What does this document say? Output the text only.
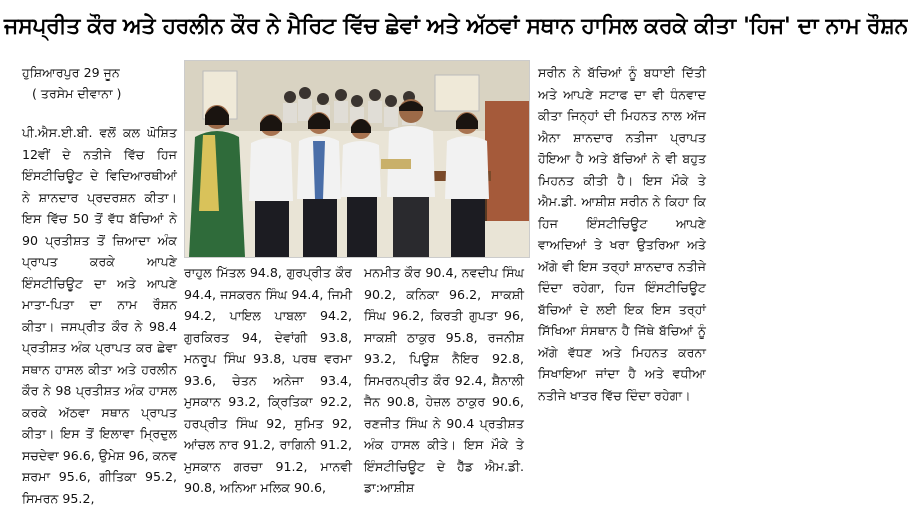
ਜਸਪ੍ਰੀਤ ਕੌਰ ਅਤੇ ਹਰਲੀਨ ਕੌਰ ਨੇ ਮੈਰਿਟ ਵਿੱਚ ਛੇਵਾਂ ਅਤੇ ਅੱਠਵਾਂ ਸਥਾਨ ਹਾਸਿਲ ਕਰਕੇ ਕੀਤਾ 'ਹਿਜ' ਦਾ ਨਾਮ ਰੌਸ਼ਨ

ਹੁਸ਼ਿਆਰਪੁਰ 29 ਜੂਨ

( ਤਰਸੇਮ ਦੀਵਾਨਾ )

ਪੀ.ਐਸ.ਈ.ਬੀ. ਵਲੋਂ ਕਲ ਘੋਸ਼ਿਤ 12ਵੀਂ ਦੇ ਨਤੀਜੇ ਵਿੱਚ ਹਿਜ ਇੰਸਟੀਚਿਊਟ ਦੇ ਵਿਦਿਆਰਥੀਆਂ ਨੇ ਸ਼ਾਨਦਾਰ ਪ੍ਰਦਰਸ਼ਨ ਕੀਤਾ। ਇਸ ਵਿੱਚ 50 ਤੋਂ ਵੱਧ ਬੱਚਿਆਂ ਨੇ 90 ਪ੍ਰਤੀਸ਼ਤ ਤੋਂ ਜ਼ਿਆਦਾ ਅੰਕ ਪ੍ਰਾਪਤ ਕਰਕੇ ਆਪਣੇ ਇੰਸਟੀਚਿਊਟ ਦਾ ਅਤੇ ਆਪਣੇ ਮਾਤਾ-ਪਿਤਾ ਦਾ ਨਾਮ ਰੌਸ਼ਨ ਕੀਤਾ। ਜਸਪ੍ਰੀਤ ਕੌਰ ਨੇ 98.4 ਪ੍ਰਤੀਸ਼ਤ ਅੰਕ ਪ੍ਰਾਪਤ ਕਰ ਛੇਵਾ ਸਥਾਨ ਹਾਸਲ ਕੀਤਾ ਅਤੇ ਹਰਲੀਨ ਕੌਰ ਨੇ 98 ਪ੍ਰਤੀਸ਼ਤ ਅੰਕ ਹਾਸਲ ਕਰਕੇ ਅੱਠਵਾ ਸਥਾਨ ਪ੍ਰਾਪਤ ਕੀਤਾ। ਇਸ ਤੋਂ ਇਲਾਵਾ ਮ੍ਰਿਦੁਲ ਸਚਦੇਵਾ 96.6, ਉਮੇਸ਼ 96, ਕਨਵ ਸ਼ਰਮਾ 95.6, ਗੀਤਿਕਾ 95.2, ਸਿਮਰਨ 95.2,

ਰਾਹੁਲ ਮਿੱਤਲ 94.8, ਗੁਰਪ੍ਰੀਤ ਕੌਰ 94.4, ਜਸਕਰਨ ਸਿੰਘ 94.4, ਜਿਮੀ 94.2, ਪਾਇਲ ਪਾਬਲਾ 94.2, ਗੁਰਕਿਰਤ 94, ਦੇਵਾਂਗੀ 93.8, ਮਨਰੂਪ ਸਿੰਘ 93.8, ਪਰਥ ਵਰਮਾ 93.6, ਚੇਤਨ ਅਨੇਜਾ 93.4, ਮੁਸਕਾਨ 93.2, ਕ੍ਰਿਤਿਕਾ 92.2, ਹਰਪ੍ਰੀਤ ਸਿੰਘ 92, ਸੁਮਿਤ 92, ਆਂਚਲ ਨਾਰ 91.2, ਰਾਗਿਨੀ 91.2, ਮੁਸਕਾਨ ਗਰਚਾ 91.2, ਮਾਨਵੀ 90.8, ਅਨਿਆ ਮਲਿਕ 90.6,

ਮਨਮੀਤ ਕੌਰ 90.4, ਨਵਦੀਪ ਸਿੰਘ 90.2, ਕਨਿਕਾ 96.2, ਸਾਕਸ਼ੀ ਸਿੰਘ 96.2, ਕਿਰਤੀ ਗੁਪਤਾ 96, ਸਾਕਸ਼ੀ ਠਾਕੁਰ 95.8, ਰਜਨੀਸ਼ 93.2, ਪਿਊਸ਼ ਨੈਇਰ 92.8, ਸਿਮਰਨਪ੍ਰੀਤ ਕੌਰ 92.4, ਸ਼ੈਨਾਲੀ ਜੈਨ 90.8, ਹੇਜ਼ਲ ਠਾਕੁਰ 90.6, ਰਣਜੀਤ ਸਿੰਘ ਨੇ 90.4 ਪ੍ਰਤੀਸ਼ਤ ਅੰਕ ਹਾਸਲ ਕੀਤੇ। ਇਸ ਮੌਕੇ ਤੇ ਇੰਸਟੀਚਿਊਟ ਦੇ ਹੈੱਡ ਐਮ.ਡੀ. ਡਾ:ਆਸ਼ੀਸ਼

ਸਰੀਨ ਨੇ ਬੱਚਿਆਂ ਨੂੰ ਬਧਾਈ ਦਿੱਤੀ ਅਤੇ ਆਪਣੇ ਸਟਾਫ ਦਾ ਵੀ ਧੰਨਵਾਦ ਕੀਤਾ ਜਿਨ੍ਹਾਂ ਦੀ ਮਿਹਨਤ ਨਾਲ ਅੱਜ ਐਨਾ ਸ਼ਾਨਦਾਰ ਨਤੀਜਾ ਪ੍ਰਾਪਤ ਹੋਇਆ ਹੈ ਅਤੇ ਬੱਚਿਆਂ ਨੇ ਵੀ ਬਹੁਤ ਮਿਹਨਤ ਕੀਤੀ ਹੈ। ਇਸ ਮੌਕੇ ਤੇ ਐਮ.ਡੀ. ਆਸ਼ੀਸ਼ ਸਰੀਨ ਨੇ ਕਿਹਾ ਕਿ ਹਿਜ ਇੰਸਟੀਚਿਊਟ ਆਪਣੇ ਵਾਅਦਿਆਂ ਤੇ ਖਰਾ ਉਤਰਿਆ ਅਤੇ ਅੱਗੇ ਵੀ ਇਸ ਤਰ੍ਹਾਂ ਸ਼ਾਨਦਾਰ ਨਤੀਜੇ ਦਿੰਦਾ ਰਹੇਗਾ, ਹਿਜ ਇੰਸਟੀਚਿਊਟ ਬੱਚਿਆਂ ਦੇ ਲਈ ਇਕ ਇਸ ਤਰ੍ਹਾਂ ਸਿੱਖਿਆ ਸੰਸਥਾਨ ਹੈ ਜਿੱਥੇ ਬੱਚਿਆਂ ਨੂੰ ਅੱਗੇ ਵੱਧਣ ਅਤੇ ਮਿਹਨਤ ਕਰਨਾ ਸਿਖਾਇਆ ਜਾਂਦਾ ਹੈ ਅਤੇ ਵਧੀਆ ਨਤੀਜੇ ਖਾਤਰ ਵਿੱਚ ਦਿੰਦਾ ਰਹੇਗਾ।
